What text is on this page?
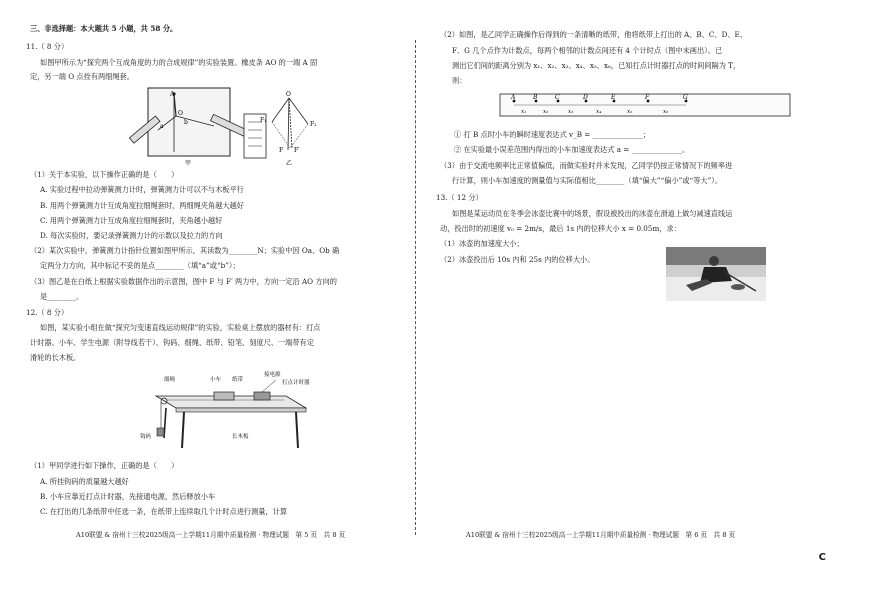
三、非选择题：本大题共 5 小题，共 58 分。
11.（ 8 分）
如图甲所示为“探究两个互成角度的力的合成规律”的实验装置。橡皮条 AO 的一端 A 固
定，另一端 O 点拴有两细绳套。
A
O
a
b
甲
O
F₁
F₂
F F′
乙
（1）关于本实验，以下操作正确的是（　　）
A. 实验过程中拉动弹簧测力计时，弹簧测力计可以不与木板平行
B. 用两个弹簧测力计互成角度拉细绳套时，两细绳夹角越大越好
C. 用两个弹簧测力计互成角度拉细绳套时，夹角越小越好
D. 每次实验时，要记录弹簧测力计的示数以及拉力的方向
（2）某次实验中，弹簧测力计指针位置如图甲所示，其读数为________N；实验中因 Oa、Ob 确
定两分力方向，其中标记不妥的是点________（填“a”或“b”）；
（3）图乙是在白纸上根据实验数据作出的示意图，图中 F 与 F′ 两力中，方向一定沿 AO 方向的
是________。
12.（ 8 分）
如图，某实验小组在做“探究匀变速直线运动规律”的实验，实验桌上摆放的器材有：打点
计时器、小车、学生电源（附导线若干）、钩码、细绳、纸带、铅笔、刻度尺、一端带有定
滑轮的长木板。
细绳	小车 纸带
接电源
打点计时器
钩码	长木板
（1）甲同学进行如下操作，正确的是（　　）
A. 所挂钩码的质量越大越好
B. 小车应靠近打点计时器，先接通电源，然后释放小车
C. 在打出的几条纸带中任选一条，在纸带上连续取几个计时点进行测量，计算
A10联盟 & 宿州十三校2025级高一上学期11月期中质量检测 · 物理试题　第 5 页　共 8 页
（2）如图，是乙同学正确操作后得到的一条清晰的纸带，他将纸带上打出的 A、B、C、D、E、
F、G 几个点作为计数点，每两个相邻的计数点间还有 4 个计时点（图中未画出）。已
测出它们间的距离分别为 x₁、x₂、x₃、x₄、x₅、x₆，已知打点计时器打点的时间间隔为 T，
则：
A	B	C	D	E	F	G
x₁	x₂	x₃	x₄	x₅	x₆
① 打 B 点时小车的瞬时速度表达式 v_B = ______________；
② 在实验最小误差范围内得出的小车加速度表达式 a = ______________。
（3）由于交流电频率比正常值偏低，而做实验时并未发现，乙同学仍按正常情况下的频率进
行计算，则小车加速度的测量值与实际值相比________（填“偏大”“偏小”或“等大”）。
13.（ 12 分）
如图是某运动员在冬季会冰壶比赛中的场景，假设被投出的冰壶在滑道上做匀减速直线运
动，投出时的初速度 v₀ = 2m/s，最后 1s 内的位移大小 x = 0.05m，求：
（1）冰壶的加速度大小；
（2）冰壶投出后 10s 内和 25s 内的位移大小。
A10联盟 & 宿州十三校2025级高一上学期11月期中质量检测 · 物理试题　第 6 页　共 8 页
C
